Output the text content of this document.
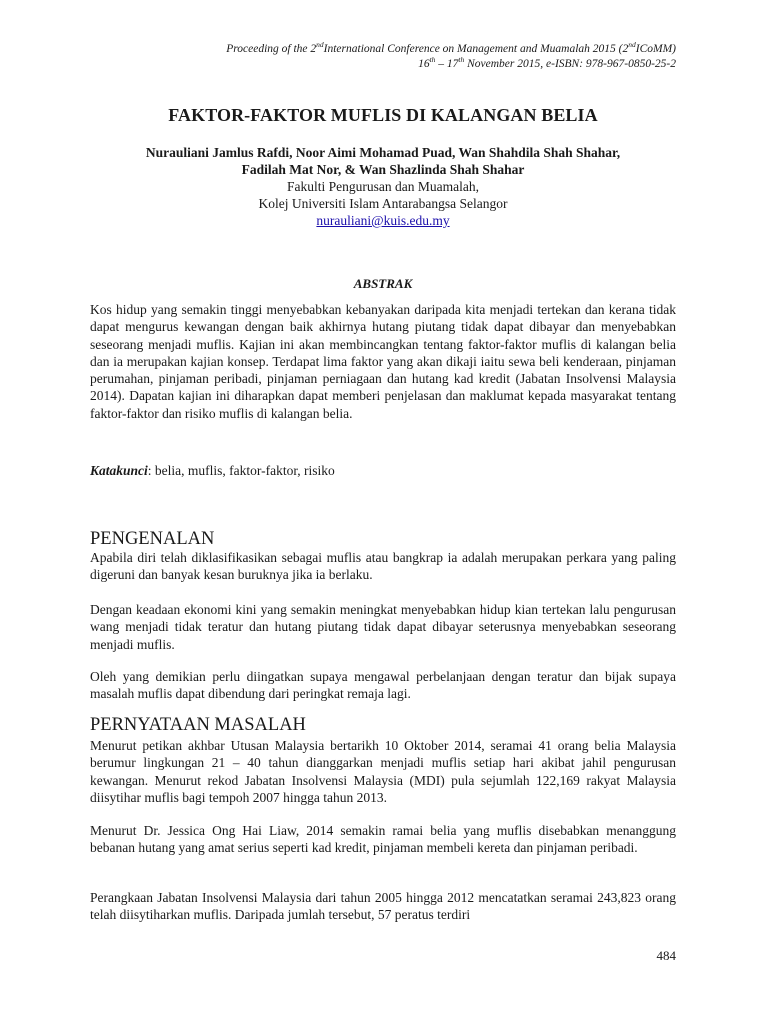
Proceeding of the 2ndInternational Conference on Management and Muamalah 2015 (2ndICoMM)
16th – 17th November 2015, e-ISBN: 978-967-0850-25-2
FAKTOR-FAKTOR MUFLIS DI KALANGAN BELIA
Nurauliani Jamlus Rafdi, Noor Aimi Mohamad Puad, Wan Shahdila Shah Shahar,
Fadilah Mat Nor, & Wan Shazlinda Shah Shahar
Fakulti Pengurusan dan Muamalah,
Kolej Universiti Islam Antarabangsa Selangor
nurauliani@kuis.edu.my
ABSTRAK
Kos hidup yang semakin tinggi menyebabkan kebanyakan daripada kita menjadi tertekan dan kerana tidak dapat mengurus kewangan dengan baik akhirnya hutang piutang tidak dapat dibayar dan menyebabkan seseorang menjadi muflis. Kajian ini akan membincangkan tentang faktor-faktor muflis di kalangan belia dan ia merupakan kajian konsep. Terdapat lima faktor yang akan dikaji iaitu sewa beli kenderaan, pinjaman perumahan, pinjaman peribadi, pinjaman perniagaan dan hutang kad kredit (Jabatan Insolvensi Malaysia 2014). Dapatan kajian ini diharapkan dapat memberi penjelasan dan maklumat kepada masyarakat tentang faktor-faktor dan risiko muflis di kalangan belia.
Katakunci: belia, muflis, faktor-faktor, risiko
PENGENALAN
Apabila diri telah diklasifikasikan sebagai muflis atau bangkrap ia adalah merupakan perkara yang paling digeruni dan banyak kesan buruknya jika ia berlaku.
Dengan keadaan ekonomi kini yang semakin meningkat menyebabkan hidup kian tertekan lalu pengurusan wang menjadi tidak teratur dan hutang piutang tidak dapat dibayar seterusnya menyebabkan seseorang menjadi muflis.
Oleh yang demikian perlu diingatkan supaya mengawal perbelanjaan dengan teratur dan bijak supaya masalah muflis dapat dibendung dari peringkat remaja lagi.
PERNYATAAN MASALAH
Menurut petikan akhbar Utusan Malaysia bertarikh 10 Oktober 2014, seramai 41 orang belia Malaysia berumur lingkungan 21 – 40 tahun dianggarkan menjadi muflis setiap hari akibat jahil pengurusan kewangan. Menurut rekod Jabatan Insolvensi Malaysia (MDI) pula sejumlah 122,169 rakyat Malaysia diisytihar muflis bagi tempoh 2007 hingga tahun 2013.
Menurut Dr. Jessica Ong Hai Liaw, 2014 semakin ramai belia yang muflis disebabkan menanggung bebanan hutang yang amat serius seperti kad kredit, pinjaman membeli kereta dan pinjaman peribadi.
Perangkaan Jabatan Insolvensi Malaysia dari tahun 2005 hingga 2012 mencatatkan seramai 243,823 orang telah diisytiharkan muflis. Daripada jumlah tersebut, 57 peratus terdiri
484
